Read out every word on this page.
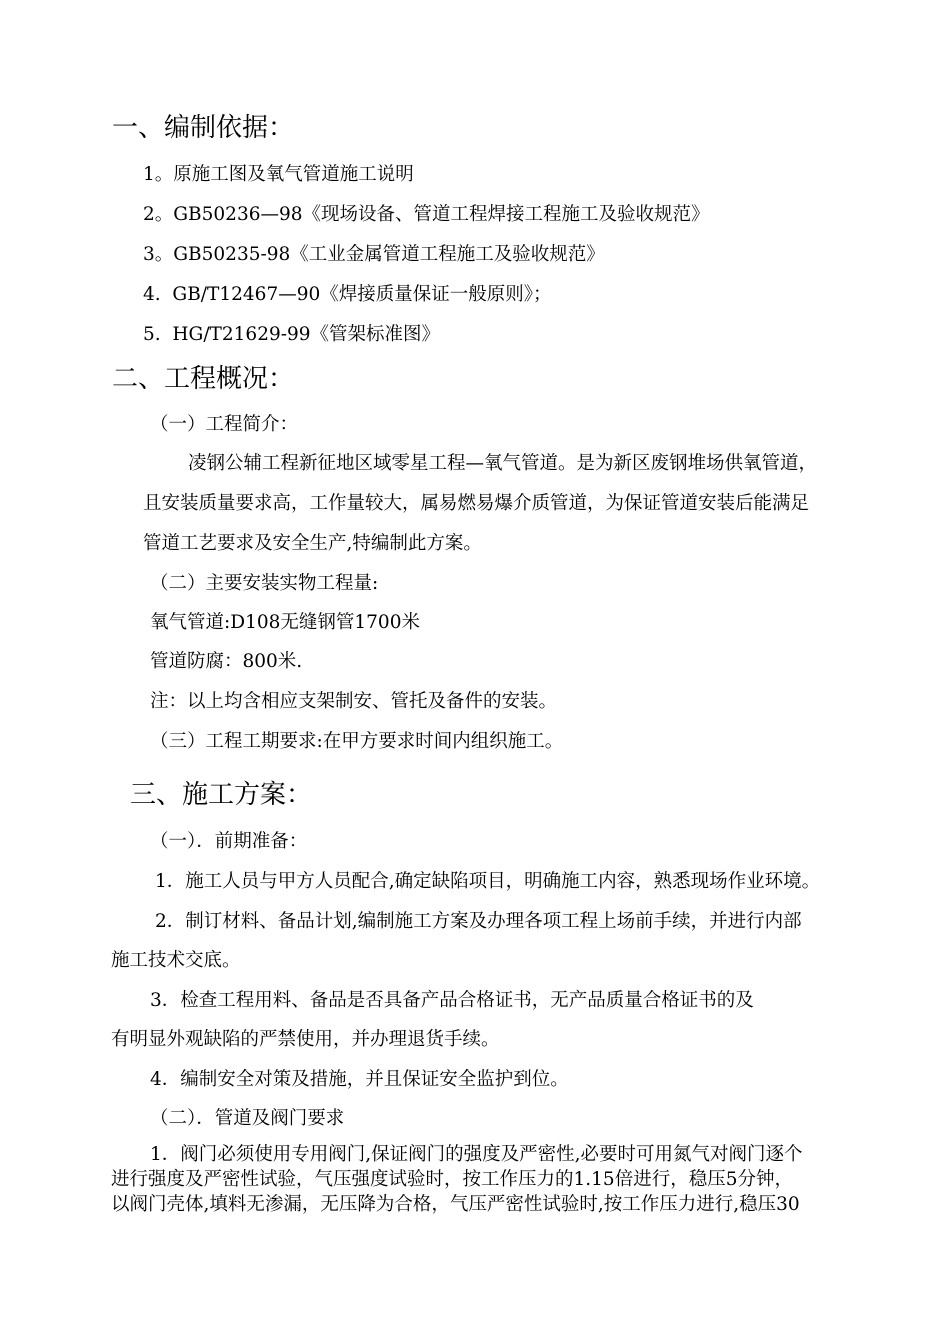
一、编制依据：
1。原施工图及氧气管道施工说明
2。GB50236—98《现场设备、管道工程焊接工程施工及验收规范》
3。GB50235-98《工业金属管道工程施工及验收规范》
4.  GB/T12467—90《焊接质量保证一般原则》；
5.  HG/T21629-99《管架标准图》
二、工程概况：
（一）工程简介：
凌钢公辅工程新征地区域零星工程—氧气管道。是为新区废钢堆场供氧管道，
且安装质量要求高，工作量较大，属易燃易爆介质管道，为保证管道安装后能满足
管道工艺要求及安全生产,特编制此方案。
（二）主要安装实物工程量:
氧气管道:D108无缝钢管1700米
管道防腐：800米.
注：以上均含相应支架制安、管托及备件的安装。
（三）工程工期要求:在甲方要求时间内组织施工。
三、施工方案：
（一）．前期准备：
1．施工人员与甲方人员配合,确定缺陷项目，明确施工内容，熟悉现场作业环境。
2．制订材料、备品计划,编制施工方案及办理各项工程上场前手续，并进行内部
施工技术交底。
3．检查工程用料、备品是否具备产品合格证书，无产品质量合格证书的及
有明显外观缺陷的严禁使用，并办理退货手续。
4．编制安全对策及措施，并且保证安全监护到位。
（二）．管道及阀门要求
1．阀门必须使用专用阀门,保证阀门的强度及严密性,必要时可用氮气对阀门逐个
进行强度及严密性试验，气压强度试验时，按工作压力的1.15倍进行，稳压5分钟，
以阀门壳体,填料无渗漏，无压降为合格，气压严密性试验时,按工作压力进行,稳压30
